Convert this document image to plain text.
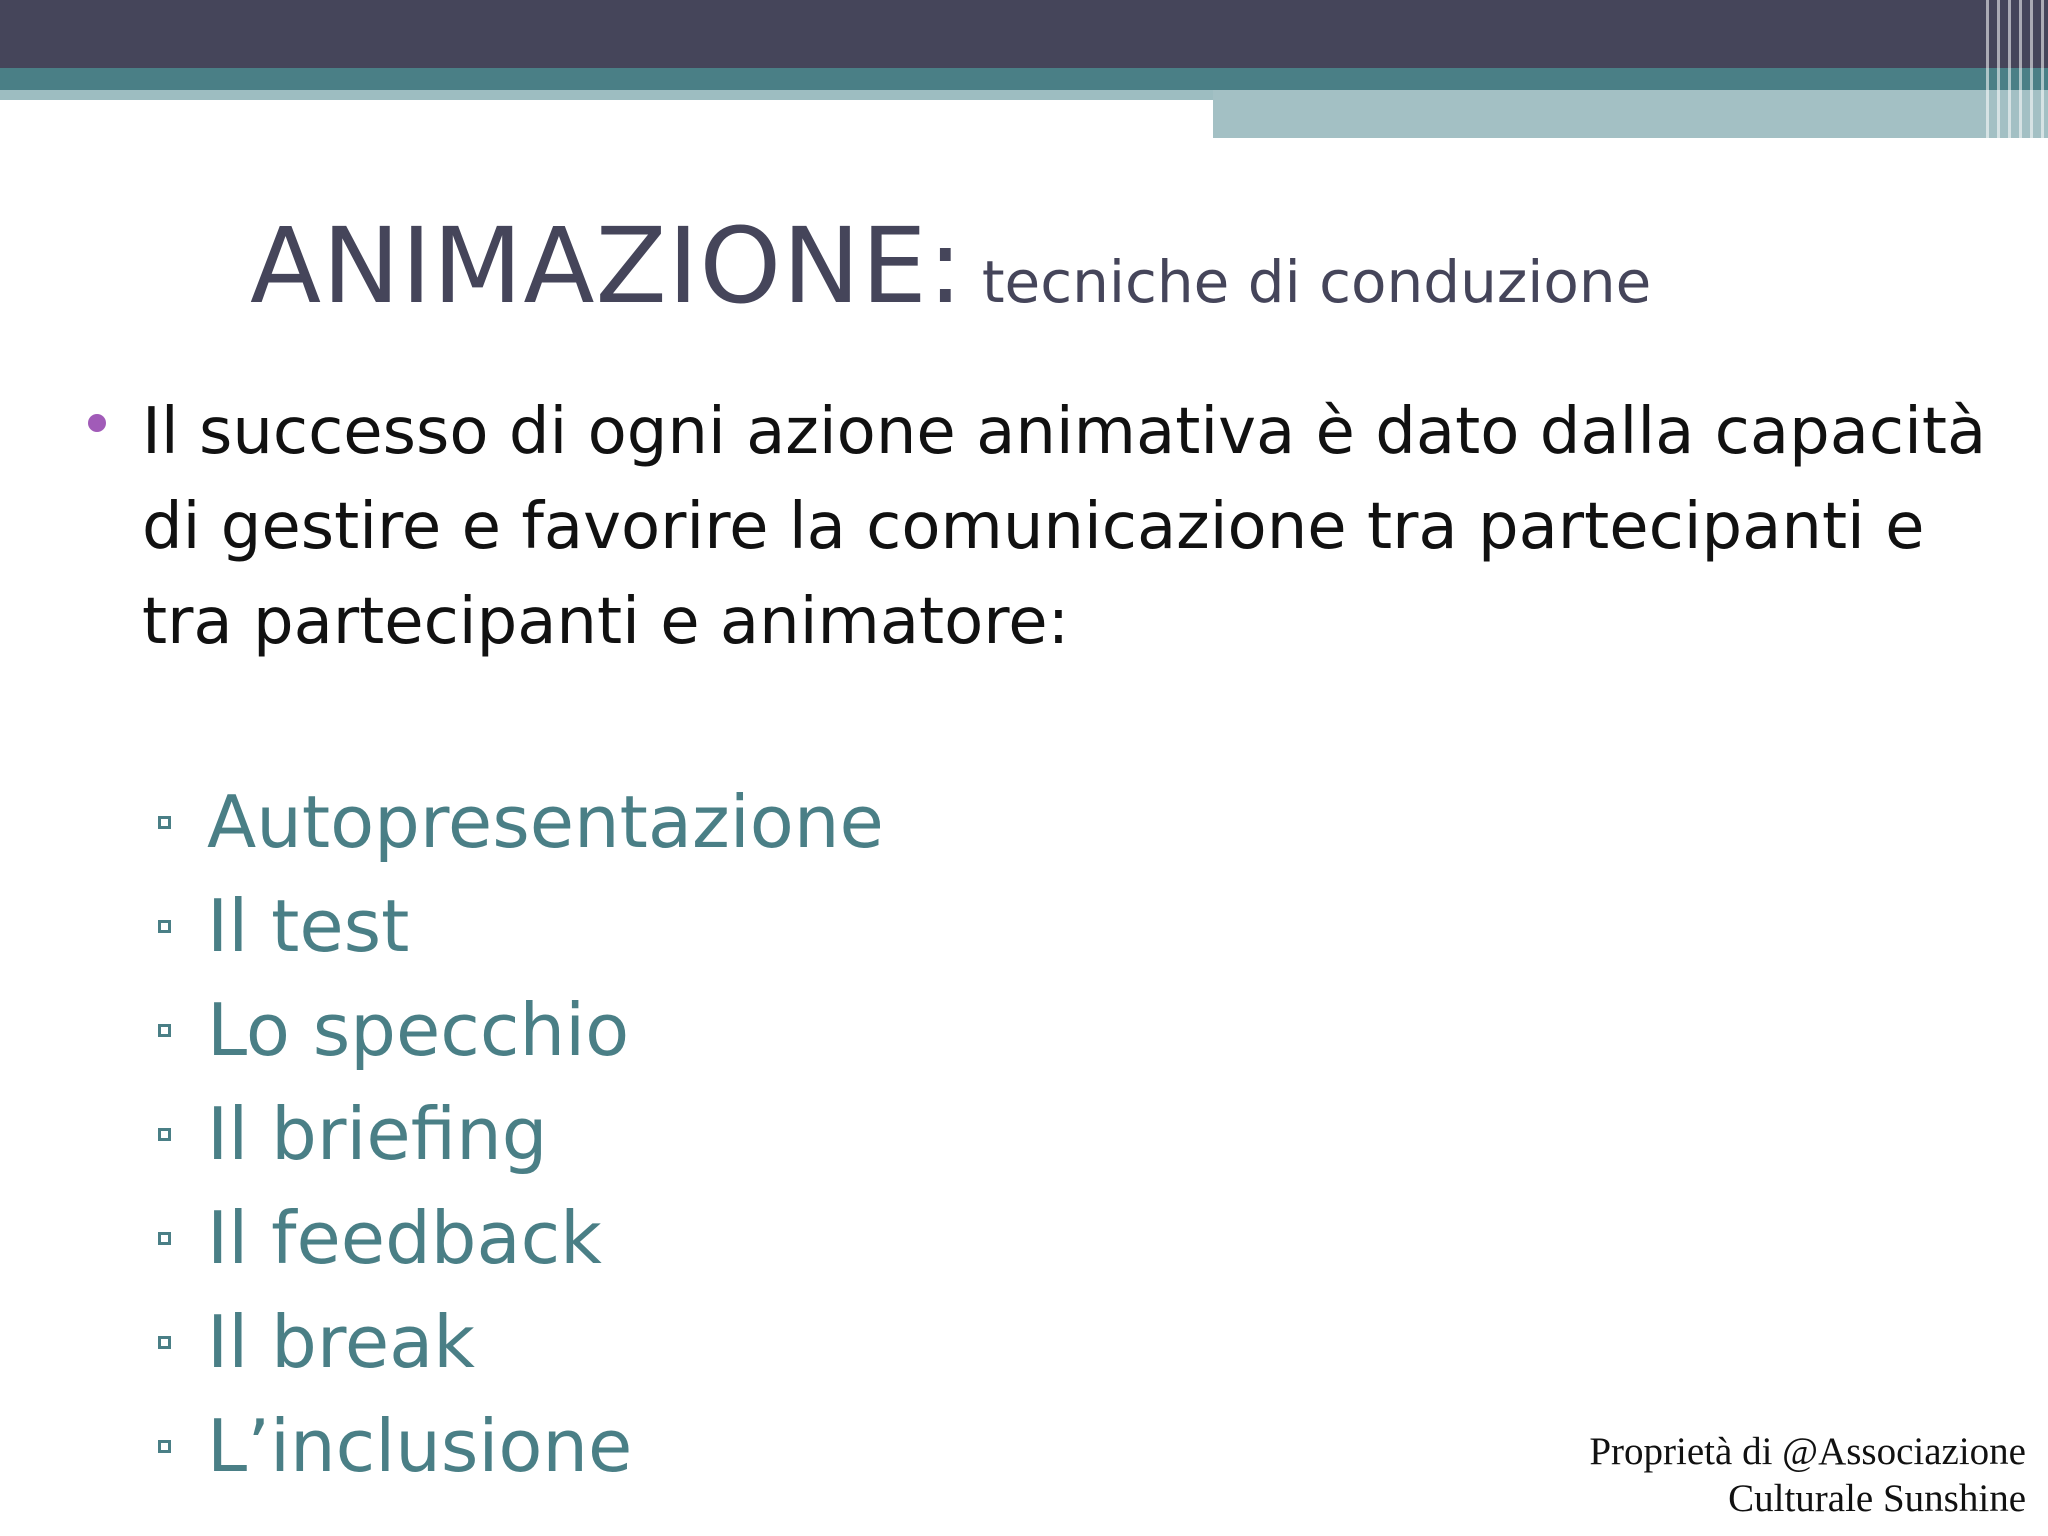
ANIMAZIONE: tecniche di conduzione
Il successo di ogni azione animativa è dato dalla capacità di gestire e favorire la comunicazione tra partecipanti e tra partecipanti e animatore:
Autopresentazione
Il test
Lo specchio
Il briefing
Il feedback
Il break
L’inclusione	Proprietà di @Associazione
Culturale Sunshine
